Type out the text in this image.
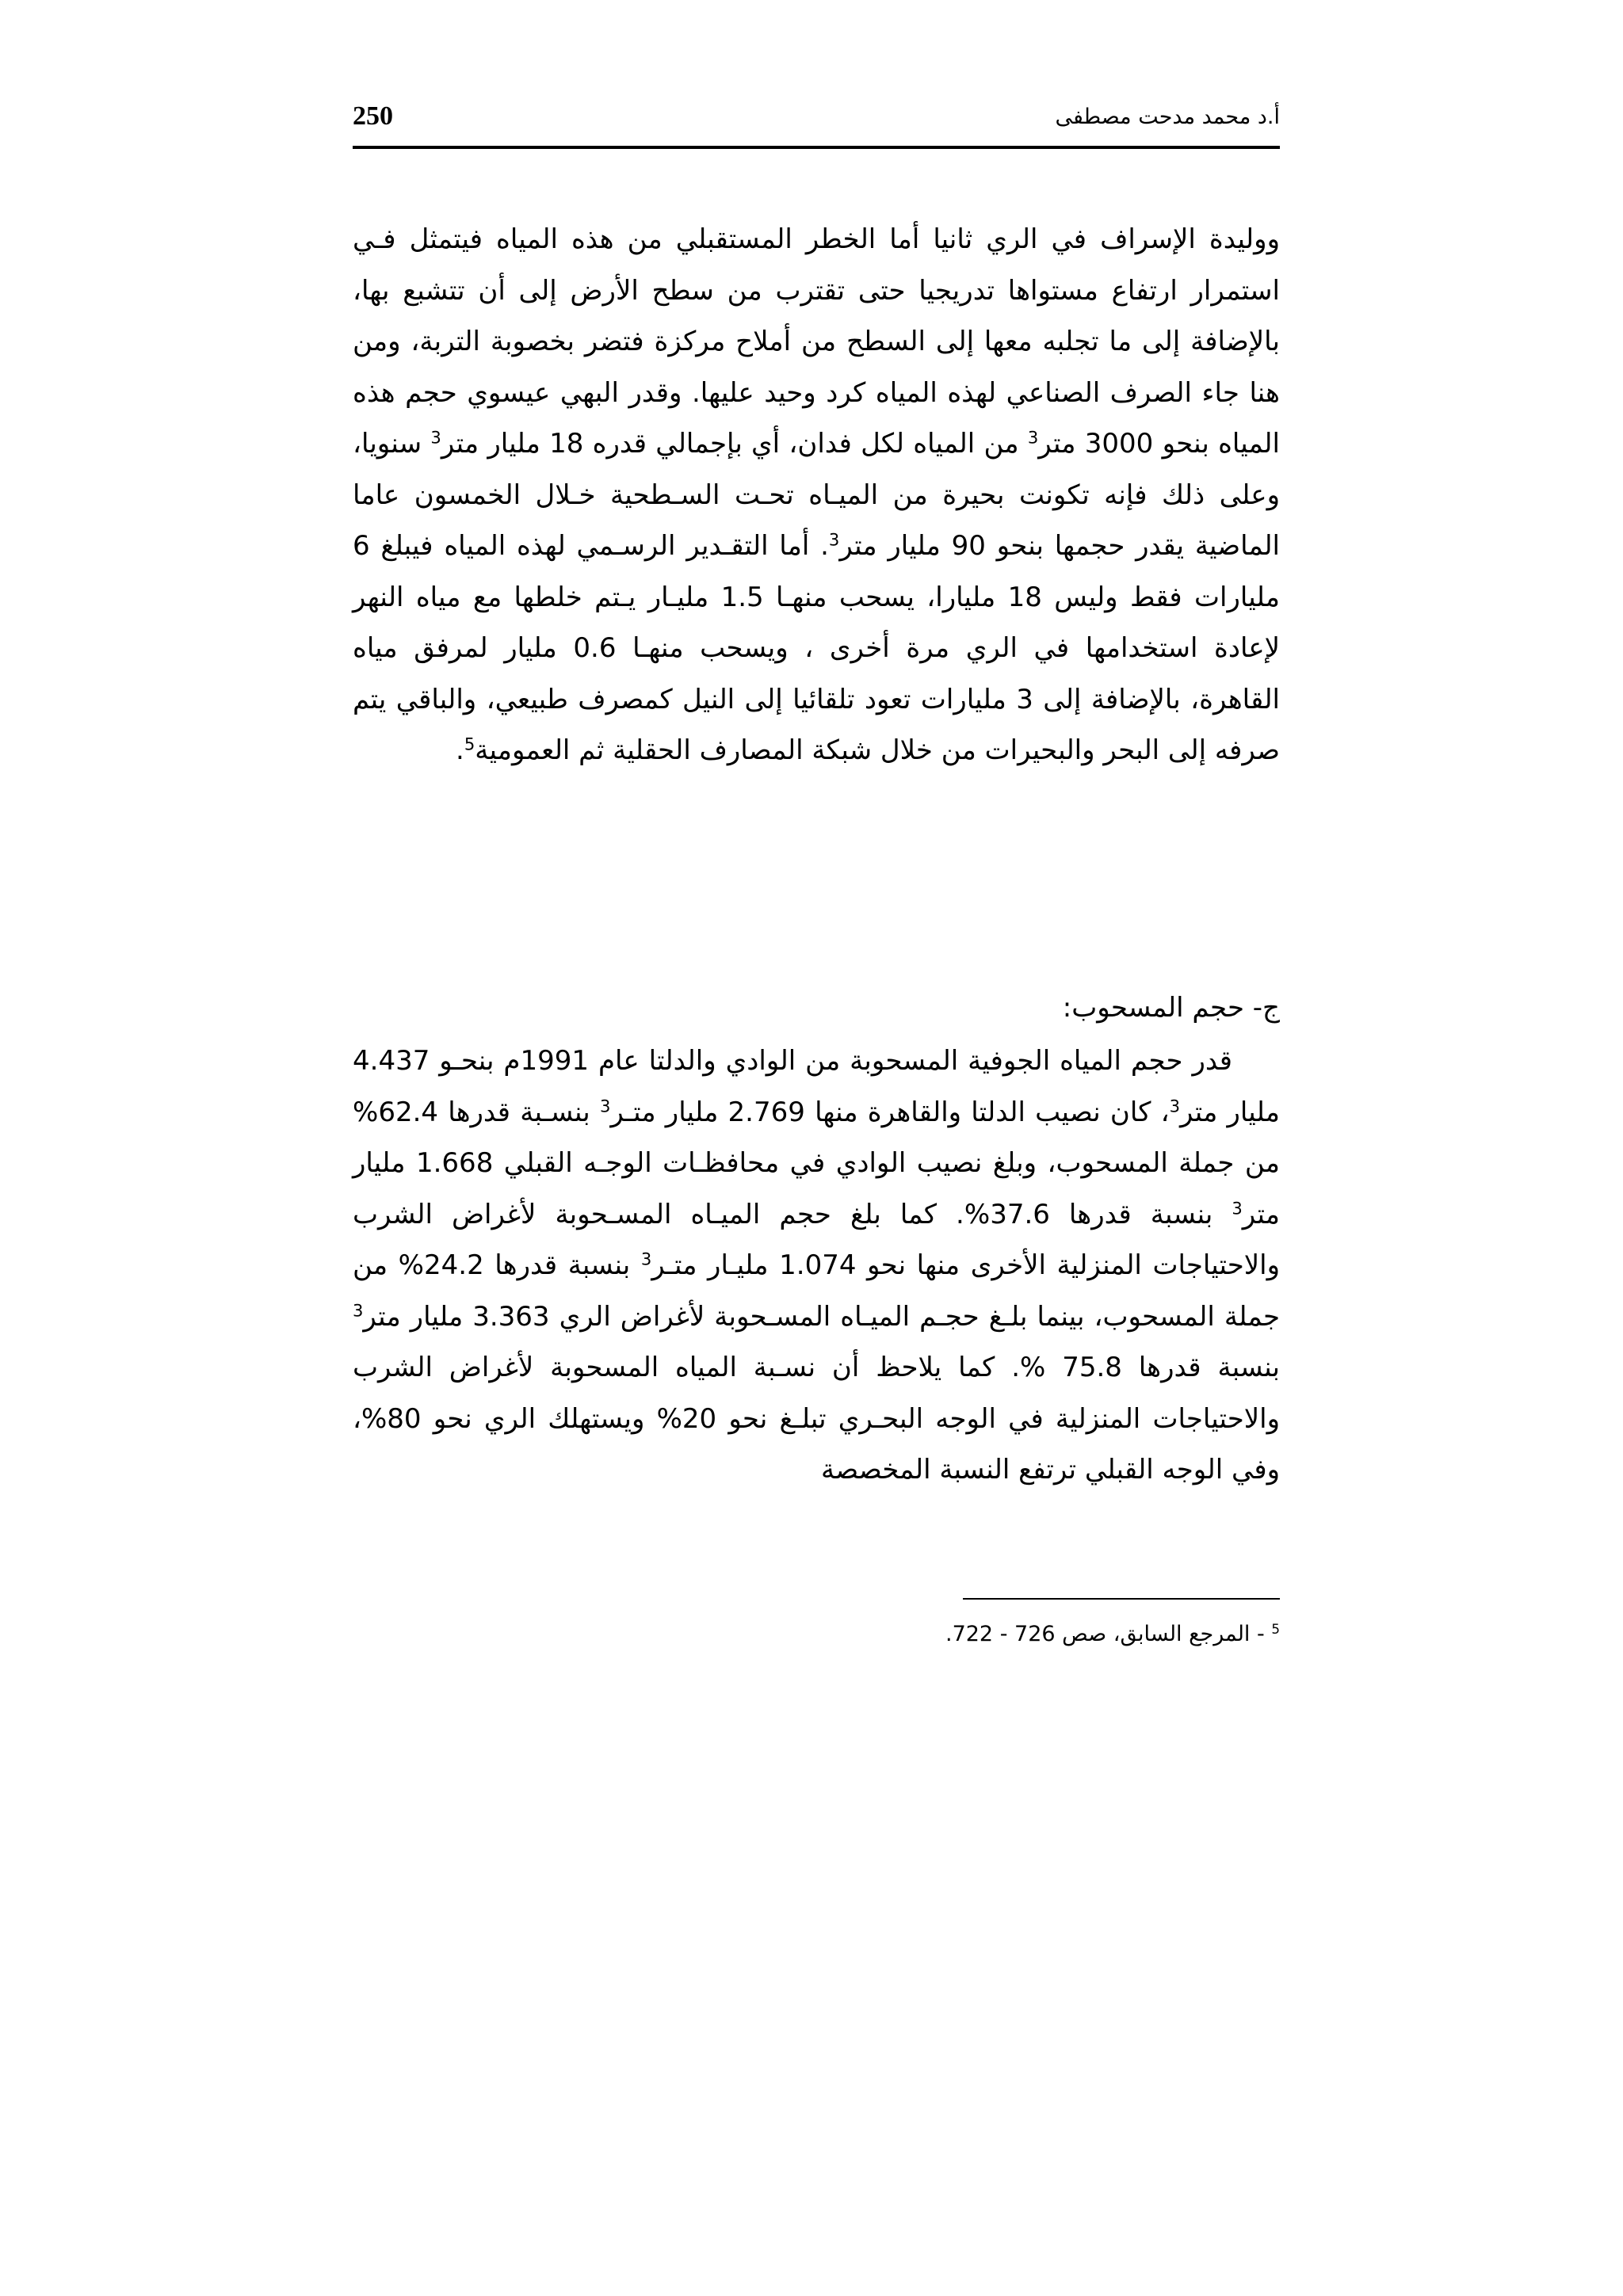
250	أ.د محمد مدحت مصطفى

ووليدة الإسراف في الري ثانيا أما الخطر المستقبلي من هذه المياه فيتمثل فـي استمرار ارتفاع مستواها تدريجيا حتى تقترب من سطح الأرض إلى أن تتشبع بها، بالإضافة إلى ما تجلبه معها إلى السطح من أملاح مركزة فتضر بخصوبة التربة، ومن هنا جاء الصرف الصناعي لهذه المياه كرد وحيد عليها. وقدر البهي عيسوي حجم هذه المياه بنحو 3000 متر$^3$ من المياه لكل فدان، أي بإجمالي قدره 18 مليار متر$^3$ سنويا، وعلى ذلك فإنه تكونت بحيرة من الميـاه تحـت السـطحية خـلال الخمسون عاما الماضية يقدر حجمها بنحو 90 مليار متر$^3$. أما التقـدير الرسـمي لهذه المياه فيبلغ 6 مليارات فقط وليس 18 مليارا، يسحب منهـا 1.5 مليـار يـتم خلطها مع مياه النهر لإعادة استخدامها في الري مرة أخرى ، ويسحب منهـا 0.6 مليار لمرفق مياه القاهرة، بالإضافة إلى 3 مليارات تعود تلقائيا إلى النيل كمصرف طبيعي، والباقي يتم صرفه إلى البحر والبحيرات من خلال شبكة المصارف الحقلية ثم العمومية$^5$.

ج- حجم المسحوب:

قدر حجم المياه الجوفية المسحوبة من الوادي والدلتا عام 1991م بنحـو 4.437 مليار متر$^3$، كان نصيب الدلتا والقاهرة منها 2.769 مليار متـر$^3$ بنسـبة قدرها 62.4% من جملة المسحوب، وبلغ نصيب الوادي في محافظـات الوجـه القبلي 1.668 مليار متر$^3$ بنسبة قدرها 37.6%. كما بلغ حجم الميـاه المسـحوبة لأغراض الشرب والاحتياجات المنزلية الأخرى منها نحو 1.074 مليـار متـر$^3$ بنسبة قدرها 24.2% من جملة المسحوب، بينما بلـغ حجـم الميـاه المسـحوبة لأغراض الري 3.363 مليار متر$^3$ بنسبة قدرها 75.8 %. كما يلاحظ أن نسـبة المياه المسحوبة لأغراض الشرب والاحتياجات المنزلية في الوجه البحـري تبلـغ نحو 20% ويستهلك الري نحو 80%، وفي الوجه القبلي ترتفع النسبة المخصصة

$^5$ - المرجع السابق، صص 726 - 722.
